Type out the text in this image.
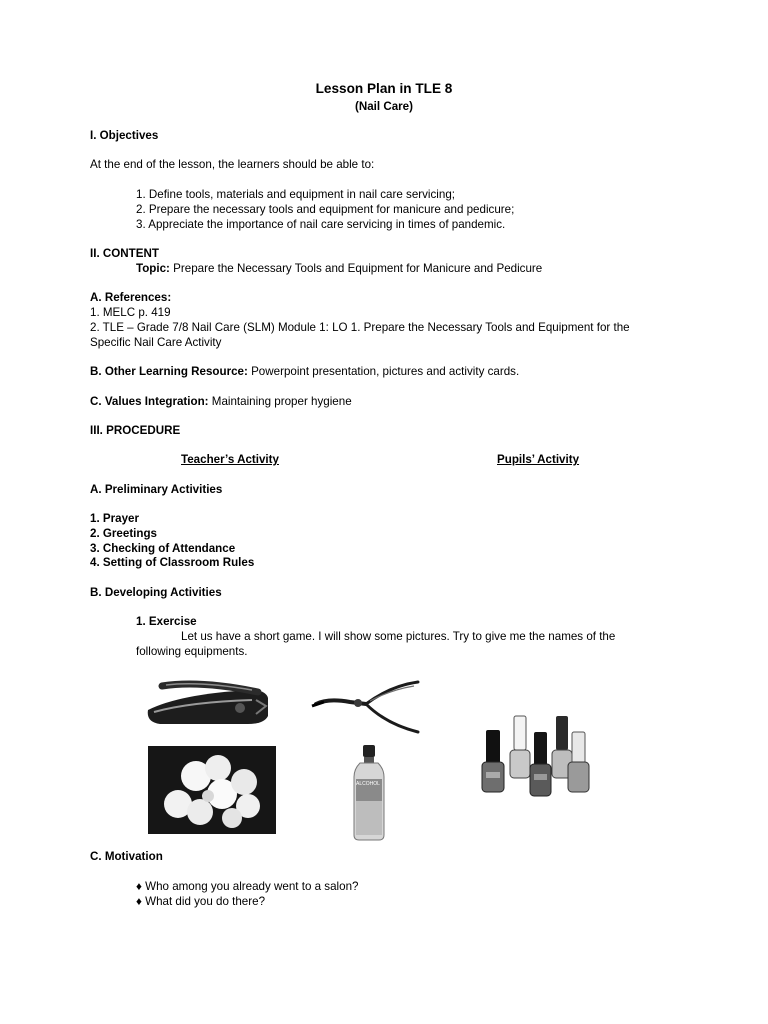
Lesson Plan in TLE 8
(Nail Care)
I. Objectives
At the end of the lesson, the learners should be able to:
1. Define tools, materials and equipment in nail care servicing;
2. Prepare the necessary tools and equipment for manicure and pedicure;
3. Appreciate the importance of nail care servicing in times of pandemic.
II. CONTENT
Topic: Prepare the Necessary Tools and Equipment for Manicure and Pedicure
A. References:
1. MELC p. 419
2. TLE – Grade 7/8 Nail Care (SLM) Module 1: LO 1. Prepare the Necessary Tools and Equipment for the
Specific Nail Care Activity
B. Other Learning Resource: Powerpoint presentation, pictures and activity cards.
C. Values Integration: Maintaining proper hygiene
III. PROCEDURE
Teacher’s Activity	Pupils’ Activity
A. Preliminary Activities
1. Prayer
2. Greetings
3. Checking of Attendance
4. Setting of Classroom Rules
B. Developing Activities
1. Exercise
Let us have a short game. I will show some pictures. Try to give me the names of the
following equipments.
ALCOHOL
C. Motivation
♦ Who among you already went to a salon?
♦ What did you do there?
